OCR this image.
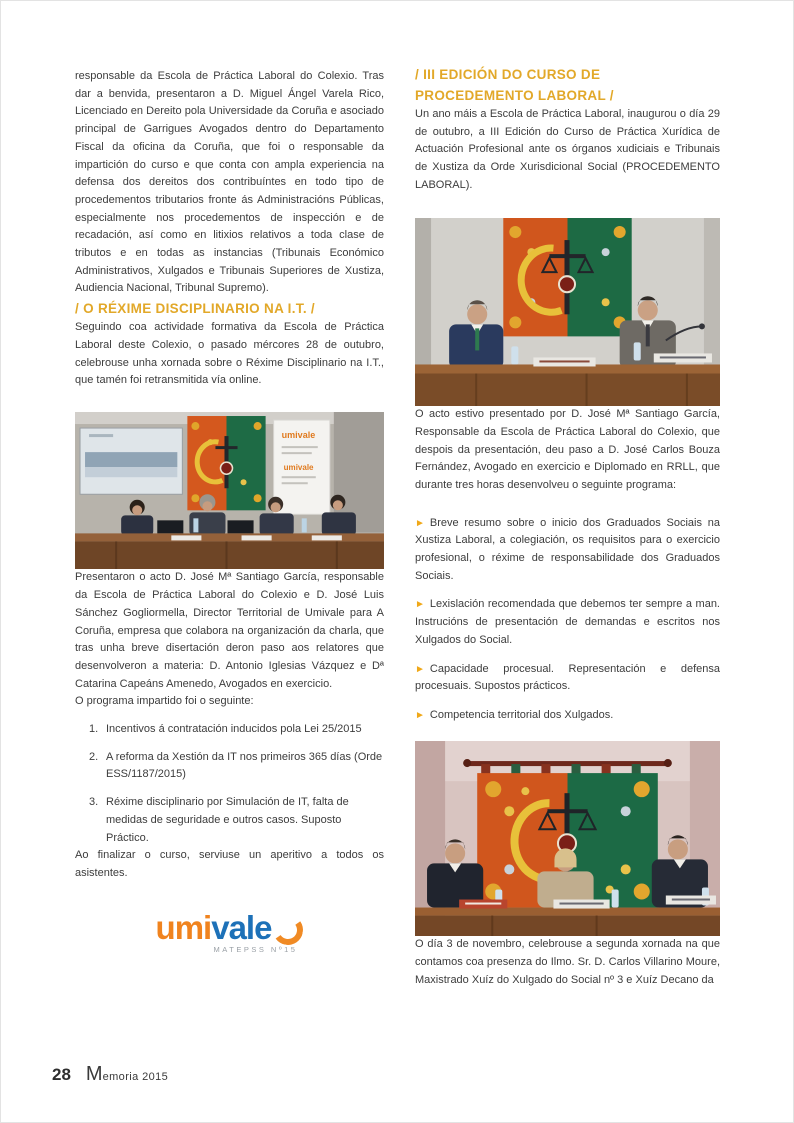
responsable da Escola de Práctica Laboral do Colexio. Tras dar a benvida, presentaron a D. Miguel Ángel Varela Rico, Licenciado en Dereito pola Universidade da Coruña e asociado principal de Garrigues Avogados dentro do Departamento Fiscal da oficina da Coruña, que foi o responsable da impartición do curso e que conta con ampla experiencia na defensa dos dereitos dos contribuíntes en todo tipo de procedementos tributarios fronte ás Administracións Públicas, especialmente nos procedementos de inspección e de recadación, así como en litixios relativos a toda clase de tributos e en todas as instancias (Tribunais Económico Administrativos, Xulgados e Tribunais Superiores de Xustiza, Audiencia Nacional, Tribunal Supremo).

/ O RÉXIME DISCIPLINARIO NA I.T. /

Seguindo coa actividade formativa da Escola de Práctica Laboral deste Colexio, o pasado mércores 28 de outubro, celebrouse unha xornada sobre o Réxime Disciplinario na I.T., que tamén foi retransmitida vía online.

umivale
umivale

Presentaron o acto D. José Mª Santiago García, responsable da Escola de Práctica Laboral do Colexio e D. José Luis Sánchez Gogliormella, Director Territorial de Umivale para A Coruña, empresa que colabora na organización da charla, que tras unha breve disertación deron paso aos relatores que desenvolveron a materia: D. Antonio Iglesias Vázquez e Dª Catarina Capeáns Amenedo, Avogados en exercicio.

O programa impartido foi o seguinte:

1. Incentivos á contratación inducidos pola Lei 25/2015
2. A reforma da Xestión da IT nos primeiros 365 días (Orde ESS/1187/2015)
3. Réxime disciplinario por Simulación de IT, falta de medidas de seguridade e outros casos. Suposto Práctico.

Ao finalizar o curso, serviuse un aperitivo a todos os asistentes.

umivale
MATEPSS Nº15
/ III EDICIÓN DO CURSO DE PROCEDEMENTO LABORAL /

Un ano máis a Escola de Práctica Laboral, inaugurou o día 29 de outubro, a III Edición do Curso de Práctica Xurídica de Actuación Profesional ante os órganos xudiciais e Tribunais de Xustiza da Orde Xurisdicional Social (PROCEDEMENTO LABORAL).

O acto estivo presentado por D. José Mª Santiago García, Responsable da Escola de Práctica Laboral do Colexio, que despois da presentación, deu paso a D. José Carlos Bouza Fernández, Avogado en exercicio e Diplomado en RRLL, que durante tres horas desenvolveu o seguinte programa:

► Breve resumo sobre o inicio dos Graduados Sociais na Xustiza Laboral, a colegiación, os requisitos para o exercicio profesional, o réxime de responsabilidade dos Graduados Sociais.

► Lexislación recomendada que debemos ter sempre a man. Instrucións de presentación de demandas e escritos nos Xulgados do Social.

► Capacidade procesual. Representación e defensa procesuais. Supostos prácticos.

► Competencia territorial dos Xulgados.

O día 3 de novembro, celebrouse a segunda xornada na que contamos coa presenza do Ilmo. Sr. D. Carlos Villarino Moure, Maxistrado Xuíz do Xulgado do Social nº 3 e Xuíz Decano da

28 Memoria 2015
